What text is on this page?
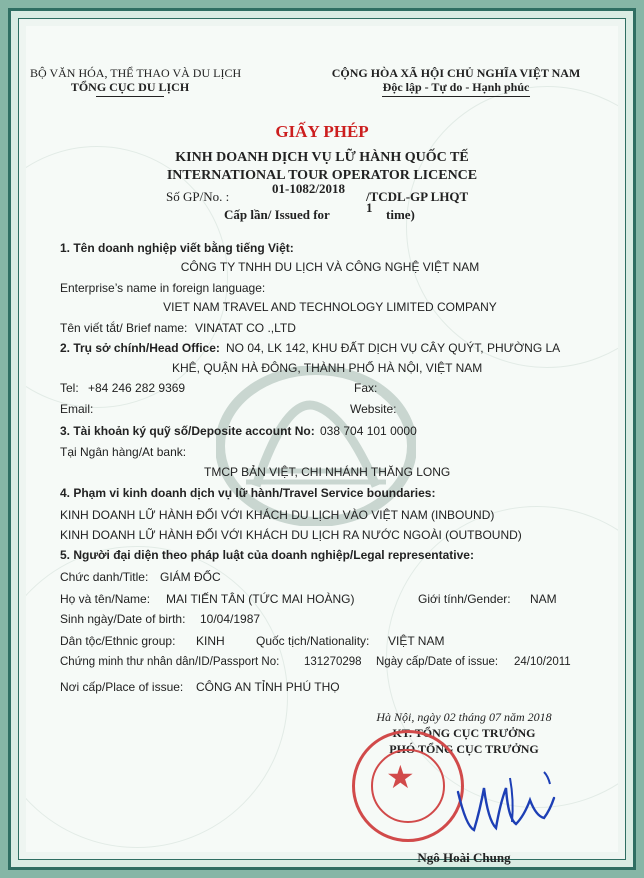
BỘ VĂN HÓA, THỂ THAO VÀ DU LỊCH
TỔNG CỤC DU LỊCH
CỘNG HÒA XÃ HỘI CHỦ NGHĨA VIỆT NAM
Độc lập - Tự do - Hạnh phúc
GIẤY PHÉP
KINH DOANH DỊCH VỤ LỮ HÀNH QUỐC TẾ
INTERNATIONAL TOUR OPERATOR LICENCE
Số GP/No. :
01-1082/2018
/TCDL-GP LHQT
Cấp lần/ Issued for	1 time)
1. Tên doanh nghiệp viết bằng tiếng Việt:
CÔNG TY TNHH DU LỊCH VÀ CÔNG NGHỆ VIỆT NAM
Enterprise’s name in foreign language:
VIET NAM TRAVEL AND TECHNOLOGY LIMITED COMPANY
Tên viết tắt/ Brief name: VINATAT CO .,LTD
2. Trụ sở chính/Head Office: NO 04, LK 142, KHU ĐẤT DỊCH VỤ CÂY QUÝT, PHƯỜNG LA
KHÊ, QUẬN HÀ ĐÔNG, THÀNH PHỐ HÀ NỘI, VIỆT NAM
Tel: +84 246 282 9369	Fax:
Email:	Website:
3. Tài khoản ký quỹ số/Deposite account No: 038 704 101 0000
Tại Ngân hàng/At bank:
TMCP BẢN VIỆT, CHI NHÁNH THĂNG LONG
4. Phạm vi kinh doanh dịch vụ lữ hành/Travel Service boundaries:
KINH DOANH LỮ HÀNH ĐỐI VỚI KHÁCH DU LỊCH VÀO VIỆT NAM (INBOUND)
KINH DOANH LỮ HÀNH ĐỐI VỚI KHÁCH DU LỊCH RA NƯỚC NGOÀI (OUTBOUND)
5. Người đại diện theo pháp luật của doanh nghiệp/Legal representative:
Chức danh/Title: GIÁM ĐỐC
Họ và tên/Name: MAI TIẾN TÂN (TỨC MAI HOÀNG)	Giới tính/Gender: NAM
Sinh ngày/Date of birth: 10/04/1987
Dân tộc/Ethnic group: KINH	Quốc tịch/Nationality: VIỆT NAM
Chứng minh thư nhân dân/ID/Passport No: 131270298 Ngày cấp/Date of issue: 24/10/2011
Nơi cấp/Place of issue: CÔNG AN TỈNH PHÚ THỌ
Hà Nội, ngày 02 tháng 07 năm 2018
KT. TỔNG CỤC TRƯỞNG
PHÓ TỔNG CỤC TRƯỞNG
★
Ngô Hoài Chung
